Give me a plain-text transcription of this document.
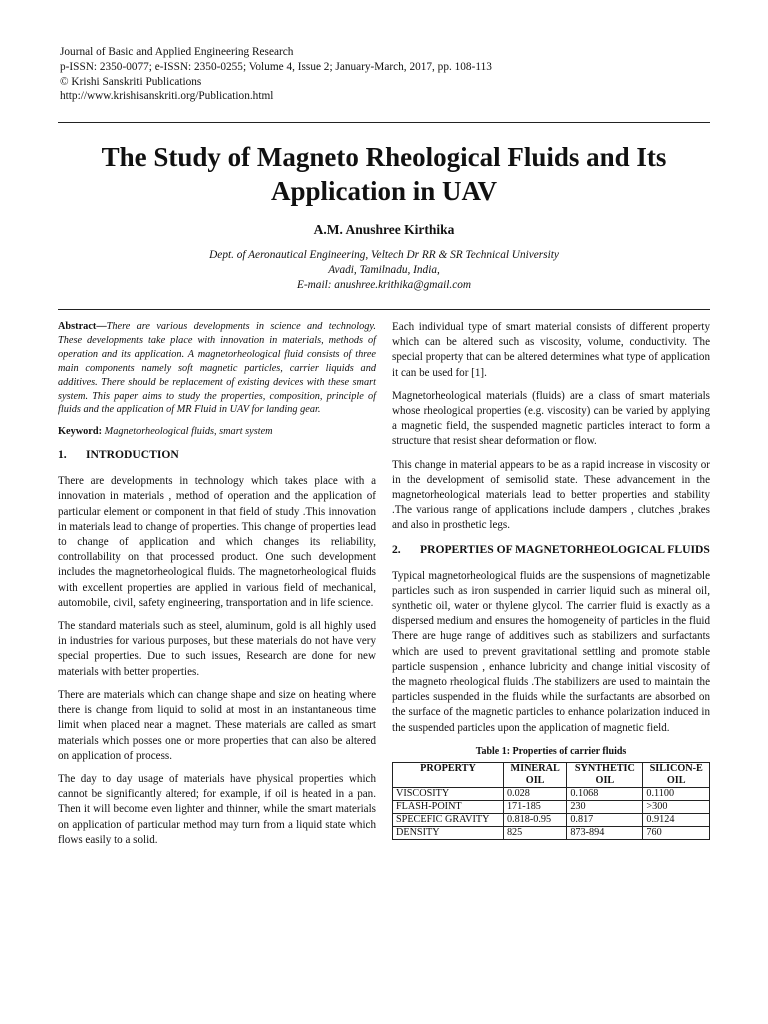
Journal of Basic and Applied Engineering Research
p-ISSN: 2350-0077; e-ISSN: 2350-0255; Volume 4, Issue 2; January-March, 2017, pp. 108-113
© Krishi Sanskriti Publications
http://www.krishisanskriti.org/Publication.html
The Study of Magneto Rheological Fluids and Its
Application in UAV
A.M. Anushree Kirthika
Dept. of Aeronautical Engineering, Veltech Dr RR & SR Technical University
Avadi, Tamilnadu, India,
E-mail: anushree.krithika@gmail.com

Abstract—There are various developments in science and technology. These developments take place with innovation in materials, methods of operation and its application. A magnetorheological fluid consists of three main components namely soft magnetic particles, carrier liquids and additives. There should be replacement of existing devices with these smart system. This paper aims to study the properties, composition, principle of fluids and the application of MR Fluid in UAV for landing gear.

Keyword: Magnetorheological fluids, smart system

1.	INTRODUCTION

There are developments in technology which takes place with a innovation in materials , method of operation and the application of particular element or component in that field of study .This innovation in materials lead to change of properties. This change of properties lead to change of application and which changes its reliability, controllability on that processed product. One such development includes the magnetorheological fluids. The magnetorheological fluids with excellent properties are applied in various field of mechanical, automobile, civil, safety engineering, transportation and in life science.

The standard materials such as steel, aluminum, gold is all highly used in industries for various purposes, but these materials do not have very special properties. Due to such issues, Research are done for new materials with better properties.

There are materials which can change shape and size on heating where there is change from liquid to solid at most in an instantaneous time limit when placed near a magnet. These materials are called as smart materials which posses one or more properties that can also be altered on application of process.

The day to day usage of materials have physical properties which cannot be significantly altered; for example, if oil is heated in a pan. Then it will become even lighter and thinner, while the smart materials on application of particular method may turn from a liquid state which flows easily to a solid.

Each individual type of smart material consists of different property which can be altered such as viscosity, volume, conductivity. The special property that can be altered determines what type of application it can be used for [1].

Magnetorheological materials (fluids) are a class of smart materials whose rheological properties (e.g. viscosity) can be varied by applying a magnetic field, the suspended magnetic particles interact to form a structure that resist shear deformation or flow.

This change in material appears to be as a rapid increase in viscosity or in the development of semisolid state. These advancement in the magnetorheological materials lead to better properties and stability .The various range of applications include dampers , clutches ,brakes and also in prosthetic legs.

2.	PROPERTIES OF MAGNETORHEOLOGICAL FLUIDS

Typical magnetorheological fluids are the suspensions of magnetizable particles such as iron suspended in carrier liquid such as mineral oil, synthetic oil, water or thylene glycol. The carrier fluid is exactly as a dispersed medium and ensures the homogeneity of particles in the fluid There are huge range of additives such as stabilizers and surfactants which are used to prevent gravitational settling and promote stable particle suspension , enhance lubricity and change initial viscosity of the magneto rheological fluids .The stabilizers are used to maintain the particles suspended in the fluids while the surfactants are absorbed on the surface of the magnetic particles to enhance polarization induced in the suspended particles upon the application of magnetic field.

Table 1: Properties of carrier fluids
PROPERTY	MINERAL OIL	SYNTHETIC OIL	SILICON-E OIL
VISCOSITY	0.028	0.1068	0.1100
FLASH-POINT	171-185	230	>300
SPECEFIC GRAVITY	0.818-0.95	0.817	0.9124
DENSITY	825	873-894	760
